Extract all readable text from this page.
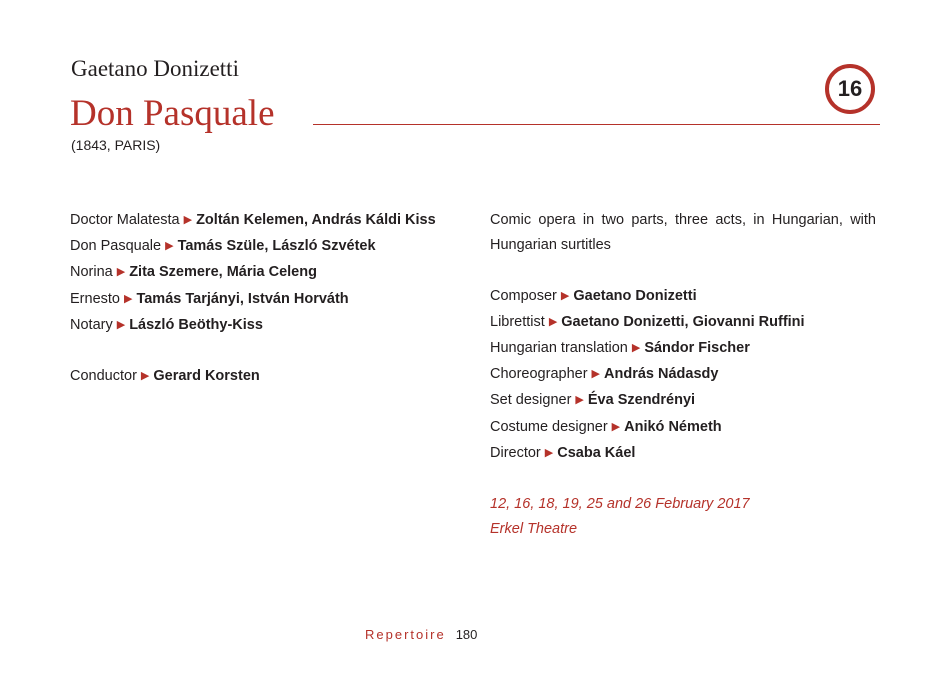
Gaetano Donizetti
Don Pasquale
16
(1843, PARIS)
Doctor Malatesta ▶ Zoltán Kelemen, András Káldi Kiss
Don Pasquale ▶ Tamás Szüle, László Szvétek
Norina ▶ Zita Szemere, Mária Celeng
Ernesto ▶ Tamás Tarjányi, István Horváth
Notary ▶ László Beöthy-Kiss
Conductor ▶ Gerard Korsten
Comic opera in two parts, three acts, in Hungarian, with Hungarian surtitles
Composer ▶ Gaetano Donizetti
Librettist ▶ Gaetano Donizetti, Giovanni Ruffini
Hungarian translation ▶ Sándor Fischer
Choreographer ▶ András Nádasdy
Set designer ▶ Éva Szendrényi
Costume designer ▶ Anikó Németh
Director ▶ Csaba Káel
12, 16, 18, 19, 25 and 26 February 2017
Erkel Theatre
Repertoire 180
